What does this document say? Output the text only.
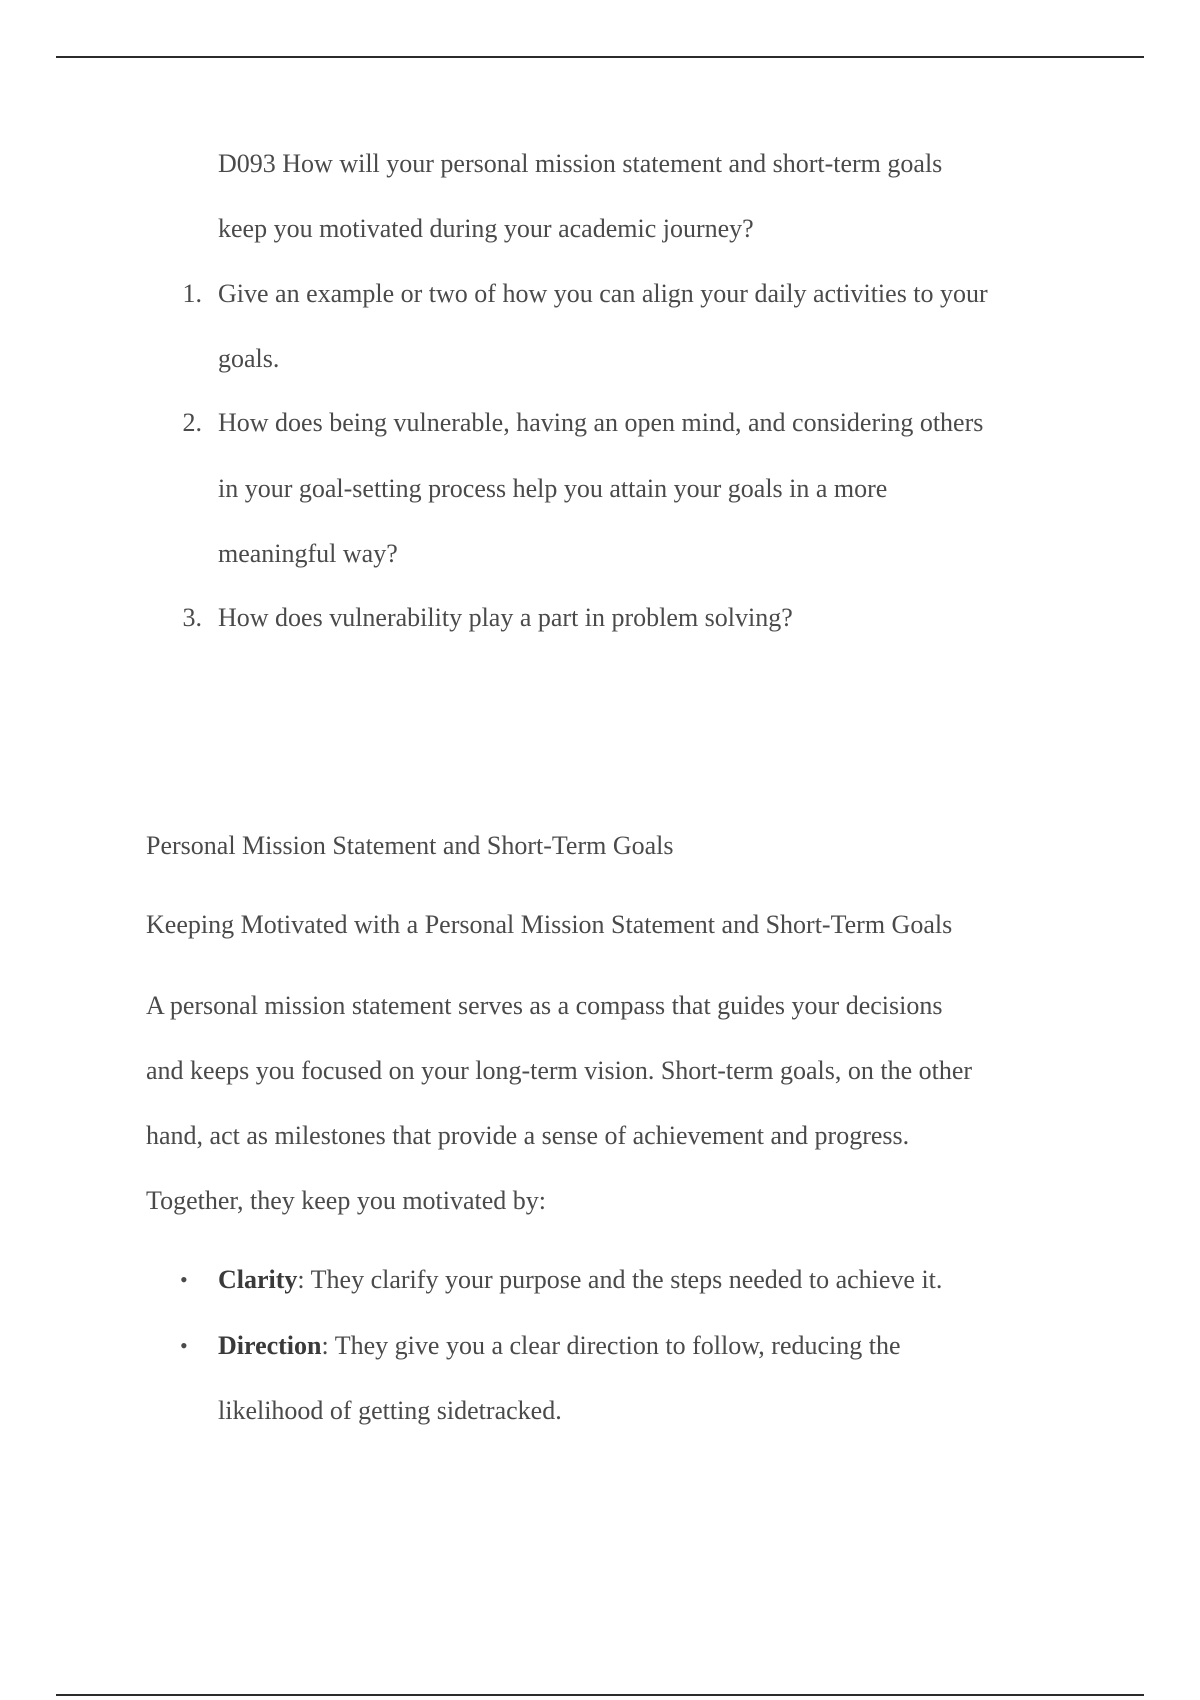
D093 How will your personal mission statement and short-term goals
keep you motivated during your academic journey?
1. Give an example or two of how you can align your daily activities to your
goals.
2. How does being vulnerable, having an open mind, and considering others
in your goal-setting process help you attain your goals in a more
meaningful way?
3. How does vulnerability play a part in problem solving?
Personal Mission Statement and Short-Term Goals
Keeping Motivated with a Personal Mission Statement and Short-Term Goals
A personal mission statement serves as a compass that guides your decisions
and keeps you focused on your long-term vision. Short-term goals, on the other
hand, act as milestones that provide a sense of achievement and progress.
Together, they keep you motivated by:
• Clarity: They clarify your purpose and the steps needed to achieve it.
• Direction: They give you a clear direction to follow, reducing the
likelihood of getting sidetracked.
